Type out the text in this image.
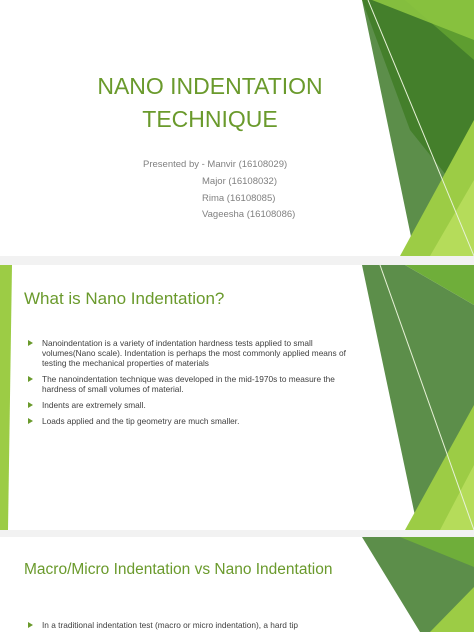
NANO INDENTATION
TECHNIQUE
Presented by - Manvir (16108029)
Major (16108032)
Rima (16108085)
Vageesha (16108086)
What is Nano Indentation?
Nanoindentation is a variety of indentation hardness tests applied to small volumes(Nano scale). Indentation is perhaps the most commonly applied means of testing the mechanical properties of materials
The nanoindentation technique was developed in the mid-1970s to measure the hardness of small volumes of material.
Indents are extremely small.
Loads applied and the tip geometry are much smaller.
Macro/Micro Indentation vs Nano Indentation
In a traditional indentation test (macro or micro indentation), a hard tip
